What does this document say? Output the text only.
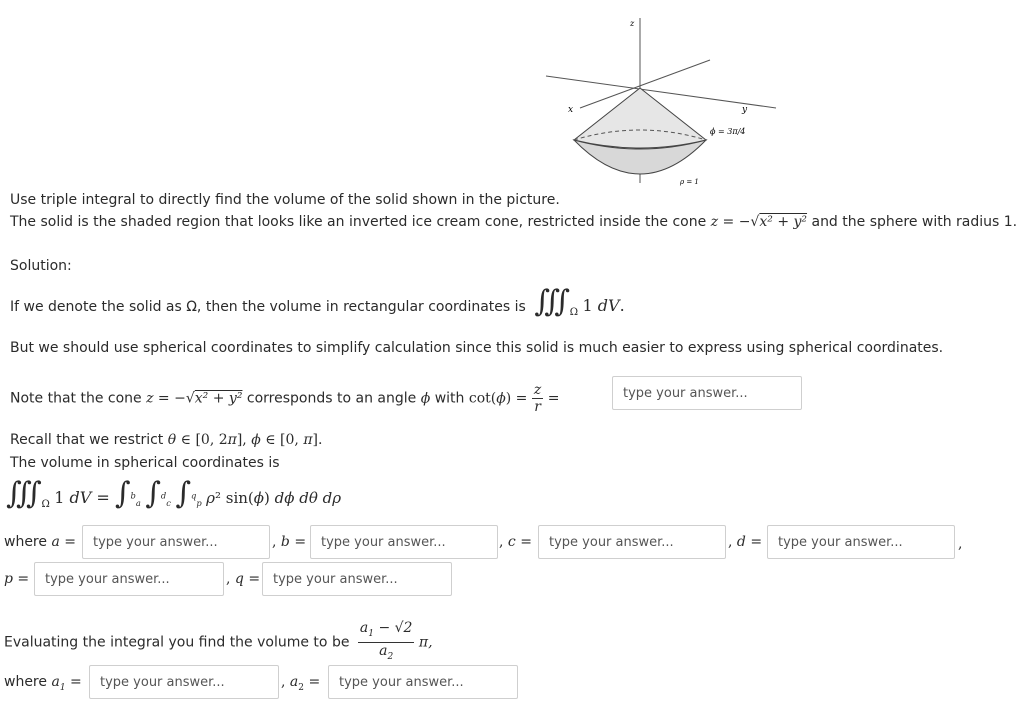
z
x	y
ϕ = 3π/4
ρ = 1
Use triple integral to directly find the volume of the solid shown in the picture.
The solid is the shaded region that looks like an inverted ice cream cone, restricted inside the cone z = −√x² + y² and the sphere with radius 1.
Solution:
If we denote the solid as Ω, then the volume in rectangular coordinates is $∭_\Omega$ 1 dV.
But we should use spherical coordinates to simplify calculation since this solid is much easier to express using spherical coordinates.
Note that the cone z = −√x² + y² corresponds to an angle ϕ with $\cot(\phi) = \frac{z}{r}$ =
type your answer...
Recall that we restrict θ ∈ [0, 2π], ϕ ∈ [0, π].
The volume in spherical coordinates is
$∭_\Omega$ 1 dV = ∫$^b_a$ ∫$^d_c$ ∫$^q_p$ ρ² sin(ϕ) dϕ dθ dρ
where a =
type your answer...	, b =
type your answer...	, c =
type your answer...	, d =
type your answer...	,
p =
type your answer...	, q =
type your answer...
Evaluating the integral you find the volume to be $\frac{a_1 - √2}{a_2} \pi$,
where $a_1$ =
type your answer...	, $a_2$ =
type your answer...
